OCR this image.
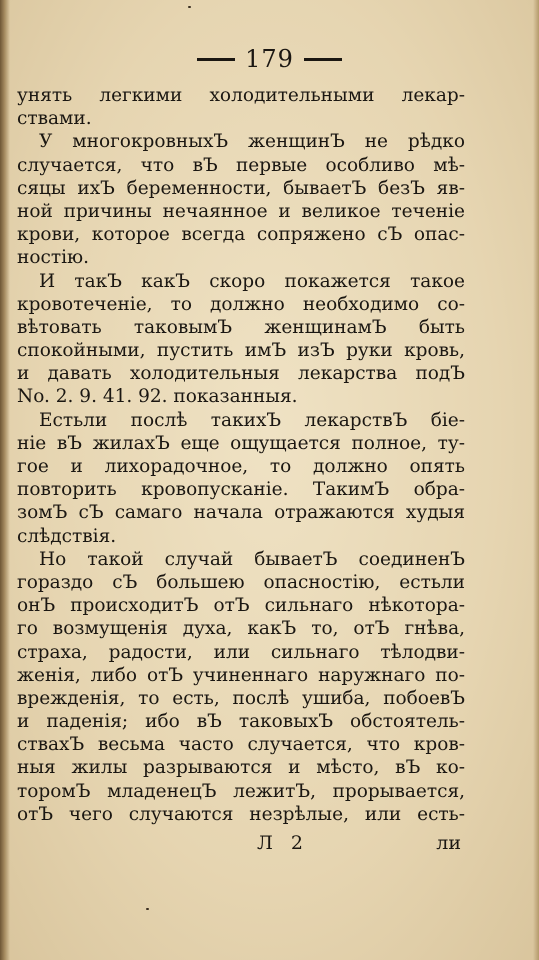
179
унять легкими холодительными лекар-
ствами.
У многокровныхЪ женщинЪ не рѣдко
случается, что вЪ первые особливо мѣ-
сяцы ихЪ беременности, бываетЪ безЪ яв-
ной причины нечаянное и великое теченіе
крови, которое всегда сопряжено сЪ опас-
ностію.
И такЪ какЪ скоро покажется такое
кровотеченіе, то должно необходимо со-
вѣтовать таковымЪ женщинамЪ быть
спокойными, пустить имЪ изЪ руки кровь,
и давать холодительныя лекарства подЪ
No. 2. 9. 41. 92. показанныя.
Естьли послѣ такихЪ лекарствЪ біе-
ніе вЪ жилахЪ еще ощущается полное, ту-
гое и лихорадочное, то должно опять
повторить кровопусканіе. ТакимЪ обра-
зомЪ сЪ самаго начала отражаются худыя
слѣдствія.
Но такой случай бываетЪ соединенЪ
гораздо сЪ большею опасностію, естьли
онЪ происходитЪ отЪ сильнаго нѣкотора-
го возмущенія духа, какЪ то, отЪ гнѣва,
страха, радости, или сильнаго тѣлодви-
женія, либо отЪ учиненнаго наружнаго по-
врежденія, то есть, послѣ ушиба, побоевЪ
и паденія; ибо вЪ таковыхЪ обстоятель-
ствахЪ весьма часто случается, что кров-
ныя жилы разрываются и мѣсто, вЪ ко-
торомЪ младенецЪ лежитЪ, прорывается,
отЪ чего случаются незрѣлые, или есть-
Л 2	ли
